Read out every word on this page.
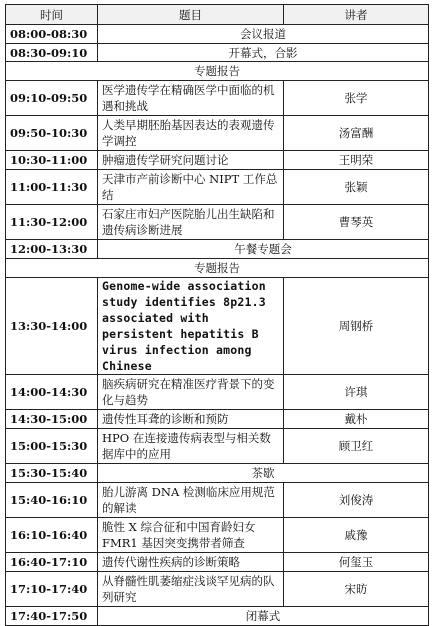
时间	题目	讲者
08:00-08:30	会议报道	
08:30-09:10	开幕式，合影	
专题报告		
09:10-09:50	医学遗传学在精确医学中面临的机遇和挑战	张学
09:50-10:30	人类早期胚胎基因表达的表观遗传学调控	汤富酬
10:30-11:00	肿瘤遗传学研究问题讨论	王明荣
11:00-11:30	天津市产前诊断中心 NIPT 工作总结	张颖
11:30-12:00	石家庄市妇产医院胎儿出生缺陷和遗传病诊断进展	曹琴英
12:00-13:30	午餐专题会	
专题报告		
13:30-14:00	Genome-wide association study identifies 8p21.3 associated with persistent hepatitis B virus infection among Chinese	周钢桥
14:00-14:30	脑疾病研究在精准医疗背景下的变化与趋势	许琪
14:30-15:00	遗传性耳聋的诊断和预防	戴朴
15:00-15:30	HPO 在连接遗传病表型与相关数据库中的应用	顾卫红
15:30-15:40	茶歇	
15:40-16:10	胎儿游离 DNA 检测临床应用规范的解读	刘俊涛
16:10-16:40	脆性 X 综合征和中国育龄妇女 FMR1 基因突变携带者筛查	戚豫
16:40-17:10	遗传代谢性疾病的诊断策略	何玺玉
17:10-17:40	从脊髓性肌萎缩症浅谈罕见病的队列研究	宋昉
17:40-17:50	闭幕式	
